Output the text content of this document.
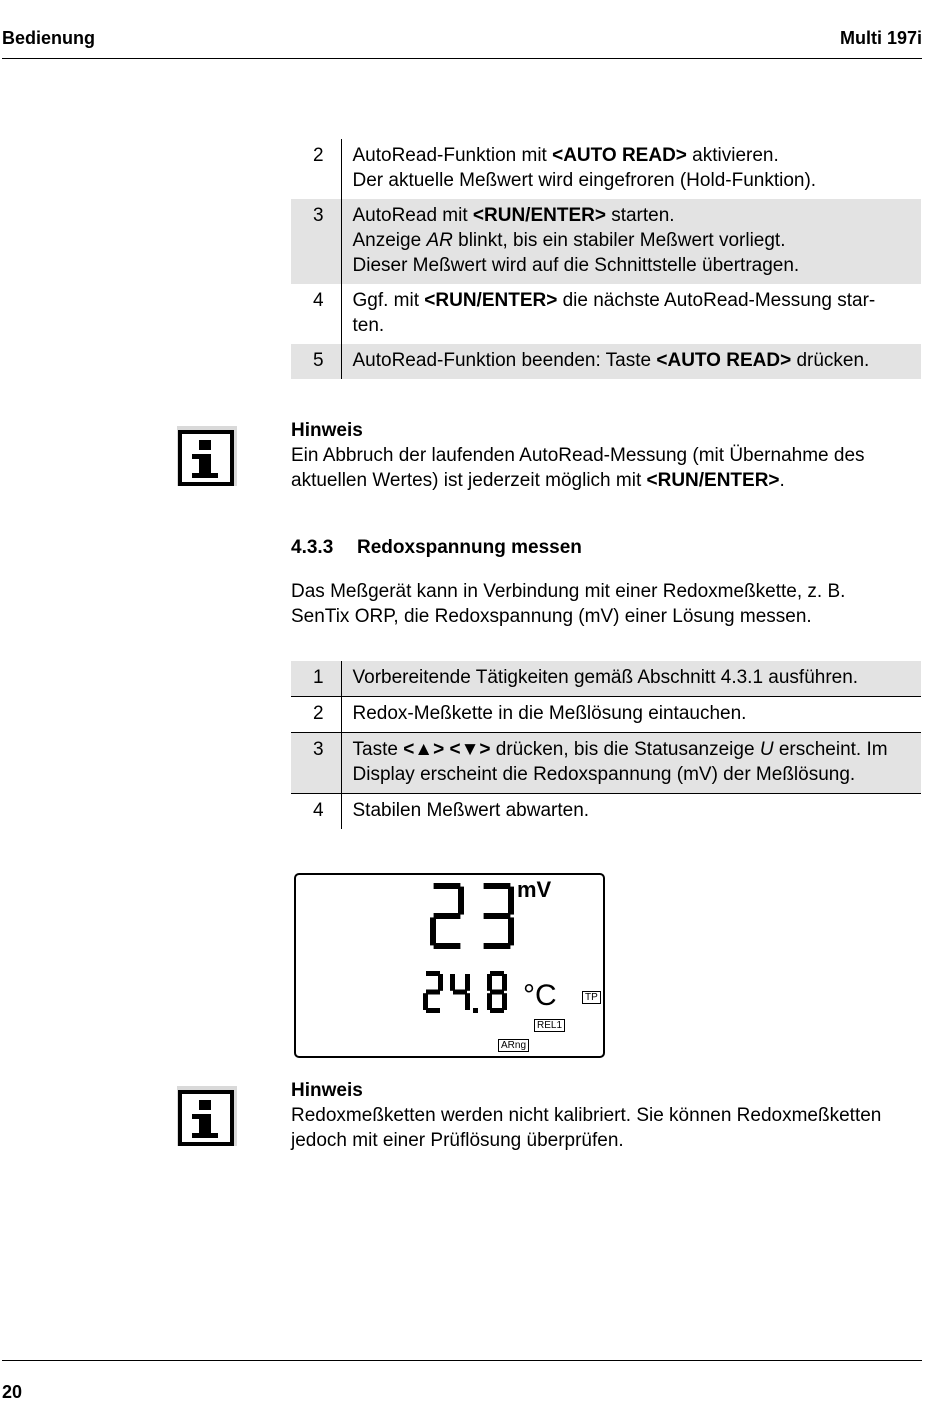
Bedienung	Multi 197i
2	AutoRead-Funktion mit <AUTO READ> aktivieren.
Der aktuelle Meßwert wird eingefroren (Hold-Funktion).

3	AutoRead mit <RUN/ENTER> starten.
Anzeige AR blinkt, bis ein stabiler Meßwert vorliegt.
Dieser Meßwert wird auf die Schnittstelle übertragen.

4	Ggf. mit <RUN/ENTER> die nächste AutoRead-Messung star-
ten.

5	AutoRead-Funktion beenden: Taste <AUTO READ> drücken.
Hinweis
Ein Abbruch der laufenden AutoRead-Messung (mit Übernahme des
aktuellen Wertes) ist jederzeit möglich mit <RUN/ENTER>.
4.3.3 Redoxspannung messen
Das Meßgerät kann in Verbindung mit einer Redoxmeßkette, z. B.
SenTix ORP, die Redoxspannung (mV) einer Lösung messen.
1	Vorbereitende Tätigkeiten gemäß Abschnitt 4.3.1 ausführen.

2	Redox-Meßkette in die Meßlösung eintauchen.

3	Taste <▲> <▼> drücken, bis die Statusanzeige U erscheint. Im
Display erscheint die Redoxspannung (mV) der Meßlösung.

4	Stabilen Meßwert abwarten.
mV
°C	TP
REL1
ARng
Hinweis
Redoxmeßketten werden nicht kalibriert. Sie können Redoxmeßketten
jedoch mit einer Prüflösung überprüfen.
20
